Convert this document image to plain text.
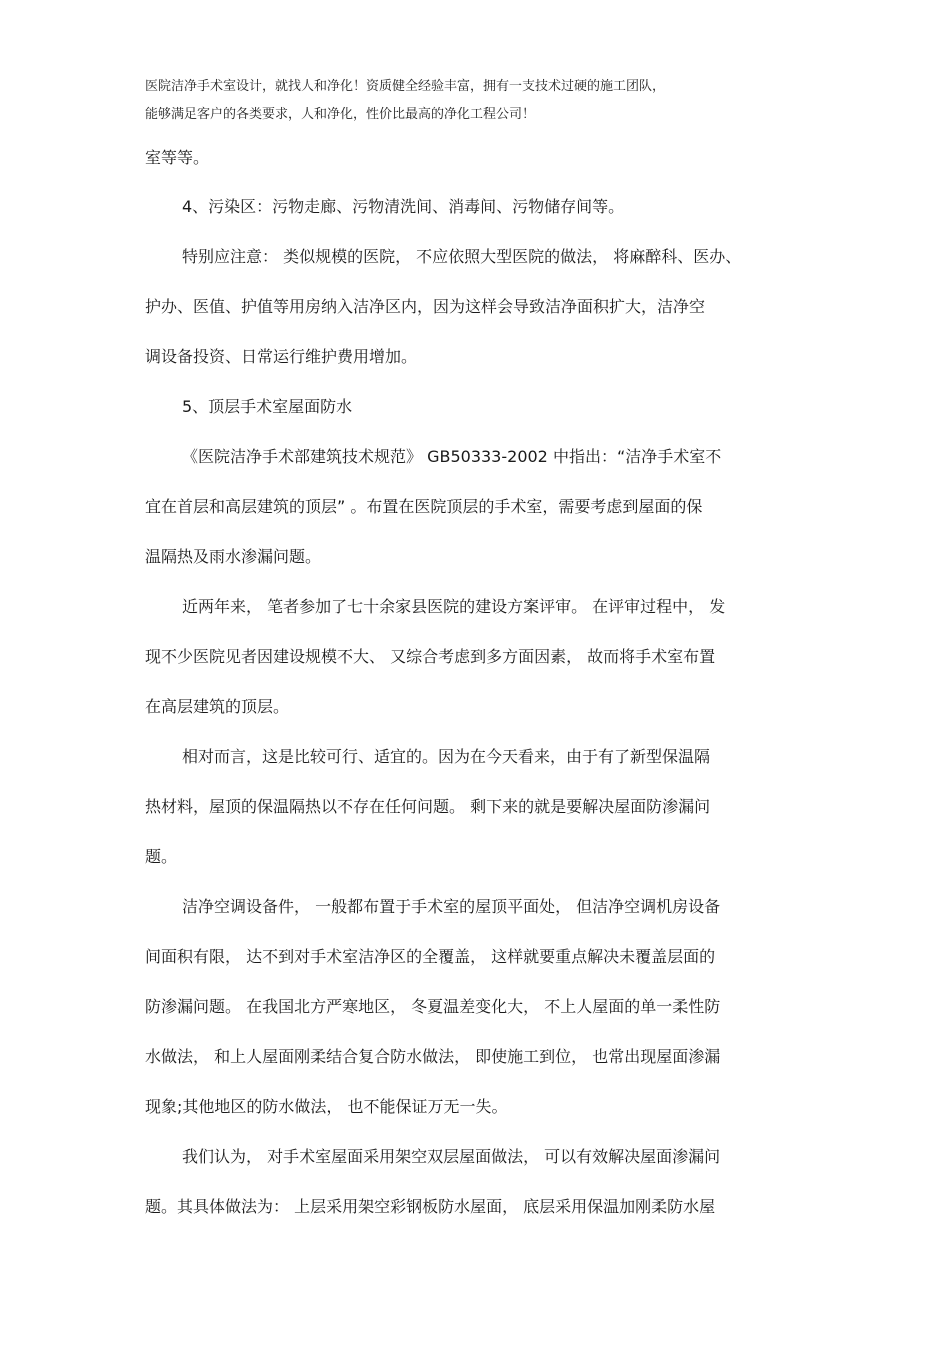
医院洁净手术室设计，就找人和净化！资质健全经验丰富，拥有一支技术过硬的施工团队，
能够满足客户的各类要求，人和净化，性价比最高的净化工程公司！
室等等。
4、污染区：污物走廊、污物清洗间、消毒间、污物储存间等。
特别应注意： 类似规模的医院， 不应依照大型医院的做法， 将麻醉科、医办、
护办、医值、护值等用房纳入洁净区内，因为这样会导致洁净面积扩大，洁净空
调设备投资、日常运行维护费用增加。
5、顶层手术室屋面防水
《医院洁净手术部建筑技术规范》 GB50333-2002 中指出：“洁净手术室不
宜在首层和高层建筑的顶层” 。布置在医院顶层的手术室，需要考虑到屋面的保
温隔热及雨水渗漏问题。
近两年来， 笔者参加了七十余家县医院的建设方案评审。 在评审过程中， 发
现不少医院见者因建设规模不大、 又综合考虑到多方面因素， 故而将手术室布置
在高层建筑的顶层。
相对而言，这是比较可行、适宜的。因为在今天看来，由于有了新型保温隔
热材料，屋顶的保温隔热以不存在任何问题。 剩下来的就是要解决屋面防渗漏问
题。
洁净空调设备件， 一般都布置于手术室的屋顶平面处， 但洁净空调机房设备
间面积有限， 达不到对手术室洁净区的全覆盖， 这样就要重点解决未覆盖层面的
防渗漏问题。 在我国北方严寒地区， 冬夏温差变化大， 不上人屋面的单一柔性防
水做法， 和上人屋面刚柔结合复合防水做法， 即使施工到位， 也常出现屋面渗漏
现象;其他地区的防水做法， 也不能保证万无一失。
我们认为， 对手术室屋面采用架空双层屋面做法， 可以有效解决屋面渗漏问
题。其具体做法为： 上层采用架空彩钢板防水屋面， 底层采用保温加刚柔防水屋
